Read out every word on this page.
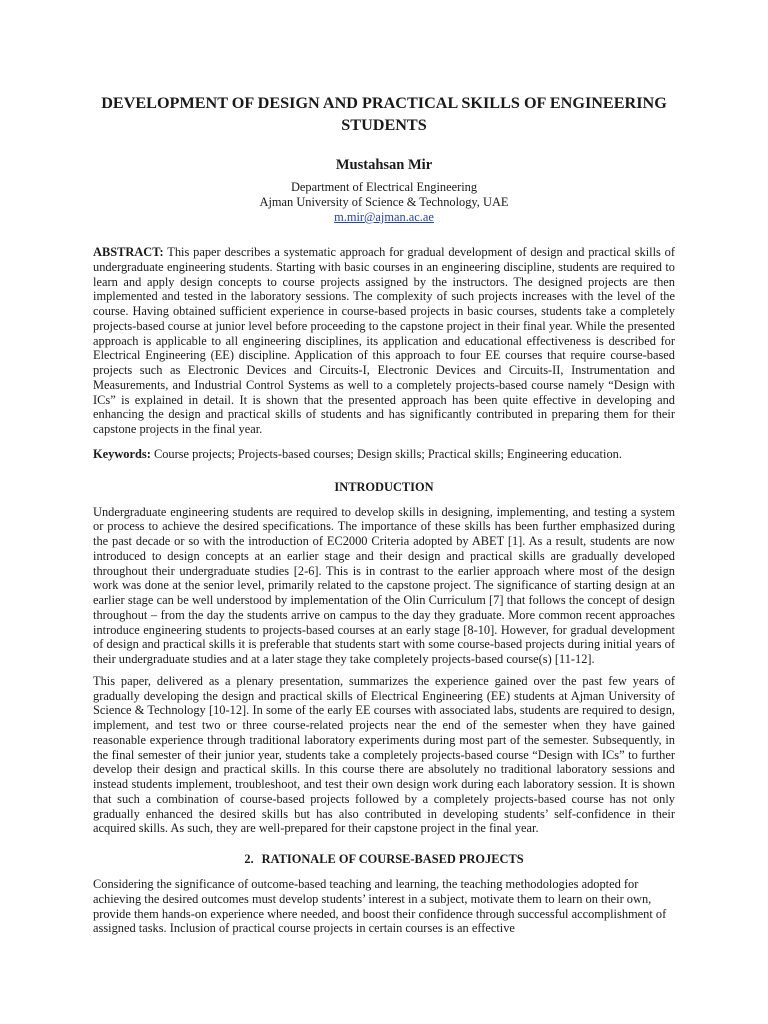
DEVELOPMENT OF DESIGN AND PRACTICAL SKILLS OF ENGINEERING STUDENTS
Mustahsan Mir
Department of Electrical Engineering
Ajman University of Science & Technology, UAE
m.mir@ajman.ac.ae

ABSTRACT: This paper describes a systematic approach for gradual development of design and practical skills of undergraduate engineering students. Starting with basic courses in an engineering discipline, students are required to learn and apply design concepts to course projects assigned by the instructors. The designed projects are then implemented and tested in the laboratory sessions. The complexity of such projects increases with the level of the course. Having obtained sufficient experience in course-based projects in basic courses, students take a completely projects-based course at junior level before proceeding to the capstone project in their final year. While the presented approach is applicable to all engineering disciplines, its application and educational effectiveness is described for Electrical Engineering (EE) discipline. Application of this approach to four EE courses that require course-based projects such as Electronic Devices and Circuits-I, Electronic Devices and Circuits-II, Instrumentation and Measurements, and Industrial Control Systems as well to a completely projects-based course namely “Design with ICs” is explained in detail. It is shown that the presented approach has been quite effective in developing and enhancing the design and practical skills of students and has significantly contributed in preparing them for their capstone projects in the final year.

Keywords: Course projects; Projects-based courses; Design skills; Practical skills; Engineering education.

INTRODUCTION

Undergraduate engineering students are required to develop skills in designing, implementing, and testing a system or process to achieve the desired specifications. The importance of these skills has been further emphasized during the past decade or so with the introduction of EC2000 Criteria adopted by ABET [1]. As a result, students are now introduced to design concepts at an earlier stage and their design and practical skills are gradually developed throughout their undergraduate studies [2-6]. This is in contrast to the earlier approach where most of the design work was done at the senior level, primarily related to the capstone project. The significance of starting design at an earlier stage can be well understood by implementation of the Olin Curriculum [7] that follows the concept of design throughout – from the day the students arrive on campus to the day they graduate. More common recent approaches introduce engineering students to projects-based courses at an early stage [8-10]. However, for gradual development of design and practical skills it is preferable that students start with some course-based projects during initial years of their undergraduate studies and at a later stage they take completely projects-based course(s) [11-12].

This paper, delivered as a plenary presentation, summarizes the experience gained over the past few years of gradually developing the design and practical skills of Electrical Engineering (EE) students at Ajman University of Science & Technology [10-12]. In some of the early EE courses with associated labs, students are required to design, implement, and test two or three course-related projects near the end of the semester when they have gained reasonable experience through traditional laboratory experiments during most part of the semester. Subsequently, in the final semester of their junior year, students take a completely projects-based course “Design with ICs” to further develop their design and practical skills. In this course there are absolutely no traditional laboratory sessions and instead students implement, troubleshoot, and test their own design work during each laboratory session. It is shown that such a combination of course-based projects followed by a completely projects-based course has not only gradually enhanced the desired skills but has also contributed in developing students’ self-confidence in their acquired skills. As such, they are well-prepared for their capstone project in the final year.

2. RATIONALE OF COURSE-BASED PROJECTS

Considering the significance of outcome-based teaching and learning, the teaching methodologies adopted for achieving the desired outcomes must develop students’ interest in a subject, motivate them to learn on their own, provide them hands-on experience where needed, and boost their confidence through successful accomplishment of assigned tasks. Inclusion of practical course projects in certain courses is an effective
